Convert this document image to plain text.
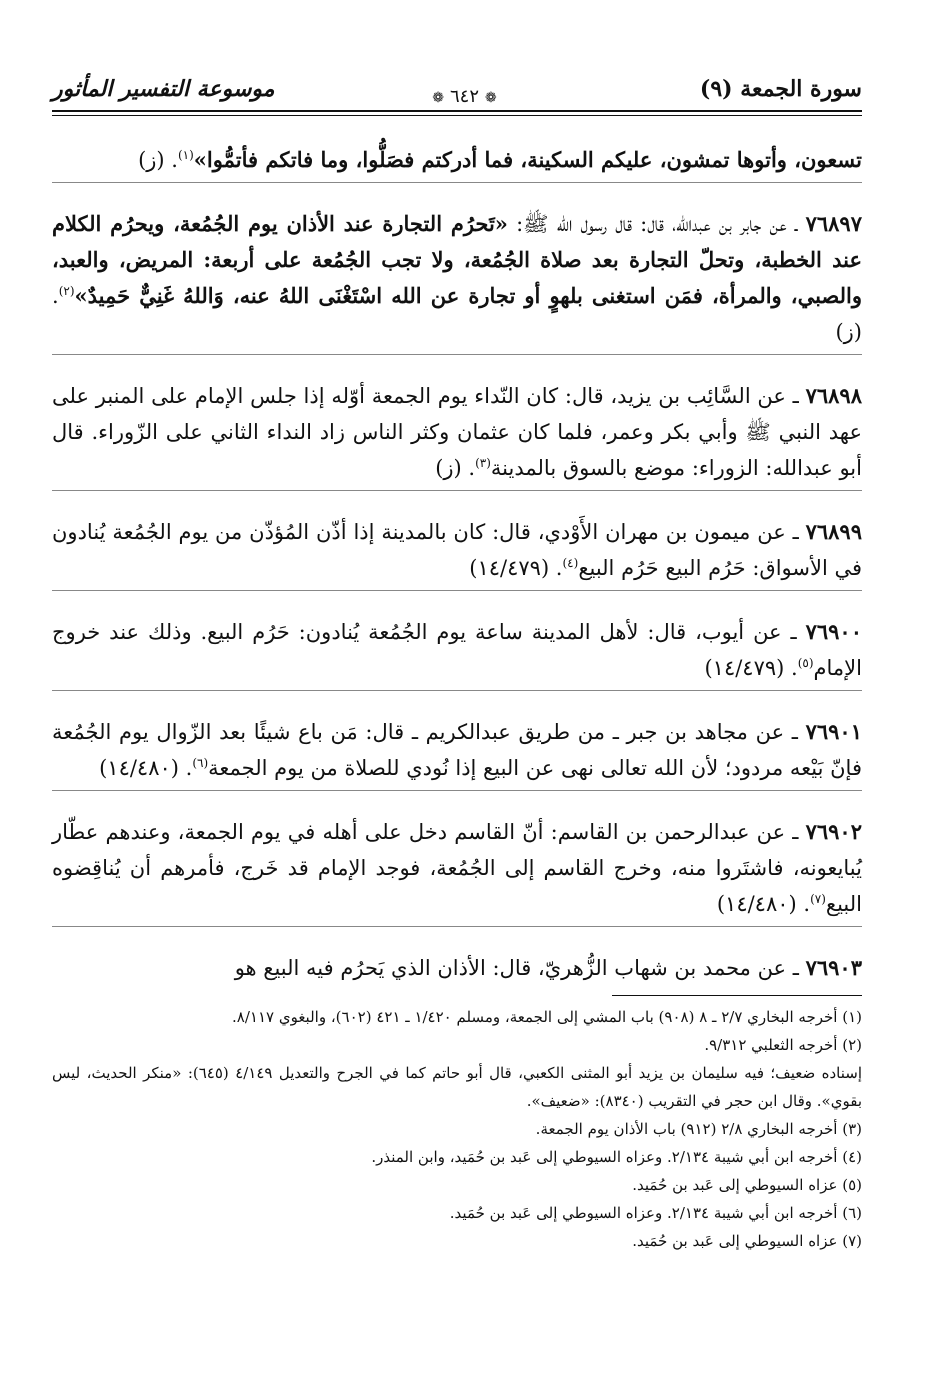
سورة الجمعة (٩)
موسوعة التفسير المأثور	❁٦٤٢❁

تسعون، وأتوها تمشون، عليكم السكينة، فما أدركتم فصَلُّوا، وما فاتكم فأتمُّوا»$^{(١)}$. (ز)

٧٦٨٩٧ ـ عن جابر بن عبدالله، قال: قال رسول الله ﷺ: «تَحرُم التجارة عند الأذان يوم الجُمُعة، ويحرُم الكلام عند الخطبة، وتحلّ التجارة بعد صلاة الجُمُعة، ولا تجب الجُمُعة على أربعة: المريض، والعبد، والصبي، والمرأة، فمَن استغنى بلهوٍ أو تجارة عن الله اسْتَغْنَى اللهُ عنه، وَاللهُ غَنِيٌّ حَمِيدٌ»$^{(٢)}$. (ز)

٧٦٨٩٨ ـ عن السَّائِب بن يزيد، قال: كان النّداء يوم الجمعة أوّله إذا جلس الإمام على المنبر على عهد النبي ﷺ وأبي بكر وعمر، فلما كان عثمان وكثر الناس زاد النداء الثاني على الزّوراء. قال أبو عبدالله: الزوراء: موضع بالسوق بالمدينة$^{(٣)}$. (ز)

٧٦٨٩٩ ـ عن ميمون بن مهران الأَوْدي، قال: كان بالمدينة إذا أذّن المُؤذّن من يوم الجُمُعة يُنادون في الأسواق: حَرُم البيع حَرُم البيع$^{(٤)}$. (١٤/٤٧٩)

٧٦٩٠٠ ـ عن أيوب، قال: لأهل المدينة ساعة يوم الجُمُعة يُنادون: حَرُم البيع. وذلك عند خروج الإمام$^{(٥)}$. (١٤/٤٧٩)

٧٦٩٠١ ـ عن مجاهد بن جبر ـ من طريق عبدالكريم ـ قال: مَن باع شيئًا بعد الزّوال يوم الجُمُعة فإنّ بَيْعه مردود؛ لأن الله تعالى نهى عن البيع إذا نُودي للصلاة من يوم الجمعة$^{(٦)}$. (١٤/٤٨٠)

٧٦٩٠٢ ـ عن عبدالرحمن بن القاسم: أنّ القاسم دخل على أهله في يوم الجمعة، وعندهم عطّار يُبايعونه، فاشتَروا منه، وخرج القاسم إلى الجُمُعة، فوجد الإمام قد خَرج، فأمرهم أن يُناقِضوه البيع$^{(٧)}$. (١٤/٤٨٠)

٧٦٩٠٣ ـ عن محمد بن شهاب الزُّهريّ، قال: الأذان الذي يَحرُم فيه البيع هو

(١) أخرجه البخاري ٢/٧ ـ ٨ (٩٠٨) باب المشي إلى الجمعة، ومسلم ١/٤٢٠ ـ ٤٢١ (٦٠٢)، والبغوي ٨/١١٧.

(٢) أخرجه الثعلبي ٩/٣١٢.

إسناده ضعيف؛ فيه سليمان بن يزيد أبو المثنى الكعبي، قال أبو حاتم كما في الجرح والتعديل ٤/١٤٩ (٦٤٥): «منكر الحديث، ليس بقوي». وقال ابن حجر في التقريب (٨٣٤٠): «ضعيف».

(٣) أخرجه البخاري ٢/٨ (٩١٢) باب الأذان يوم الجمعة.

(٤) أخرجه ابن أبي شيبة ٢/١٣٤. وعزاه السيوطي إلى عَبد بن حُمَيد، وابن المنذر.

(٥) عزاه السيوطي إلى عَبد بن حُمَيد.

(٦) أخرجه ابن أبي شيبة ٢/١٣٤. وعزاه السيوطي إلى عَبد بن حُمَيد.

(٧) عزاه السيوطي إلى عَبد بن حُمَيد.
